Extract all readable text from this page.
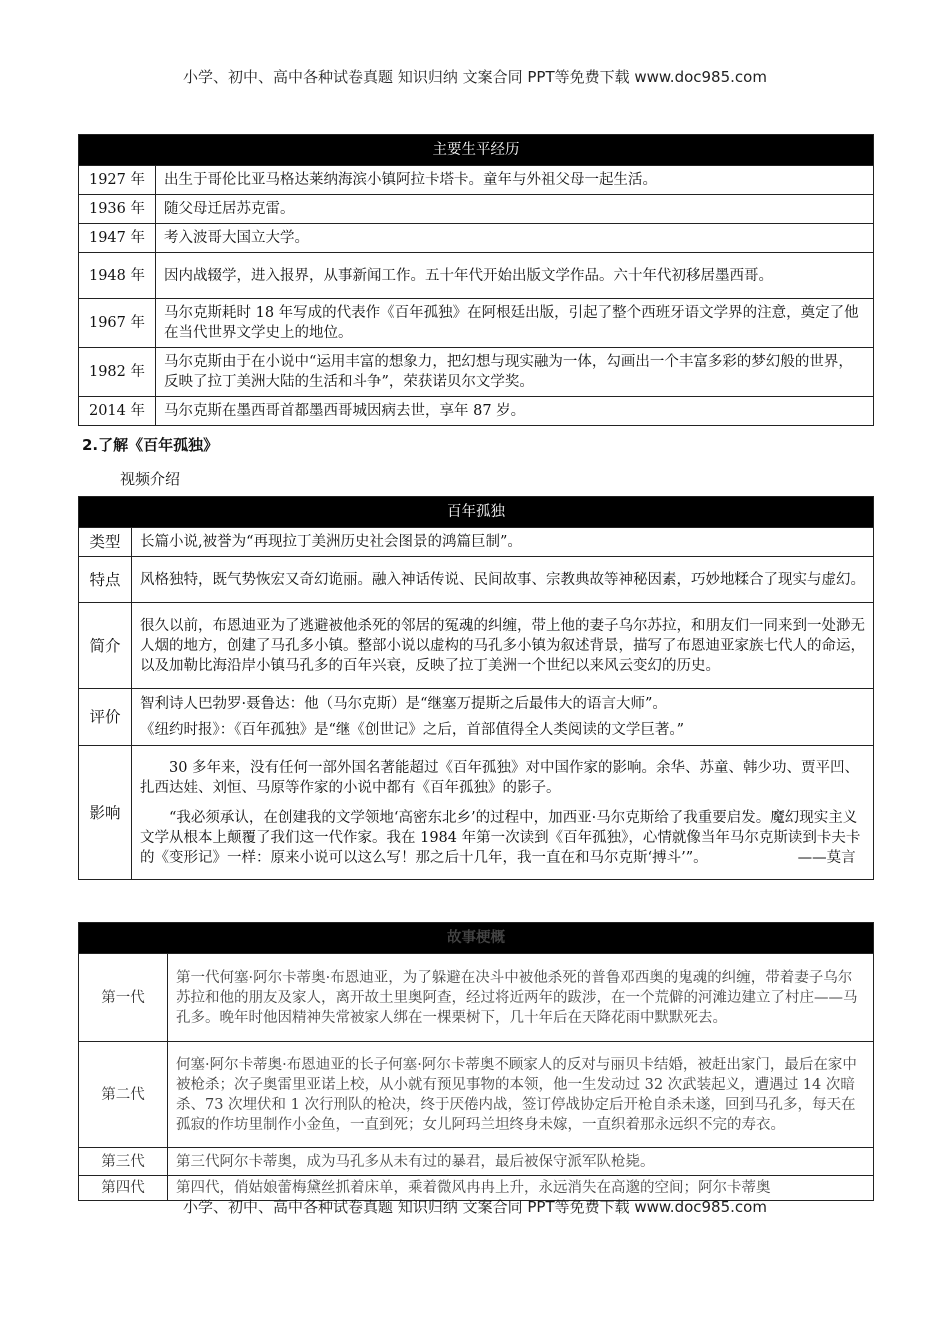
小学、初中、高中各种试卷真题 知识归纳 文案合同 PPT等免费下载 www.doc985.com
主要生平经历	
1927 年	出生于哥伦比亚马格达莱纳海滨小镇阿拉卡塔卡。童年与外祖父母一起生活。
1936 年	随父母迁居苏克雷。
1947 年	考入波哥大国立大学。
1948 年	因内战辍学，进入报界，从事新闻工作。五十年代开始出版文学作品。六十年代初移居墨西哥。
1967 年	马尔克斯耗时 18 年写成的代表作《百年孤独》在阿根廷出版，引起了整个西班牙语文学界的注意，奠定了他在当代世界文学史上的地位。
1982 年	马尔克斯由于在小说中“运用丰富的想象力，把幻想与现实融为一体，勾画出一个丰富多彩的梦幻般的世界，反映了拉丁美洲大陆的生活和斗争”，荣获诺贝尔文学奖。
2014 年	马尔克斯在墨西哥首都墨西哥城因病去世，享年 87 岁。
2.了解《百年孤独》
视频介绍
百年孤独	
类型	长篇小说,被誉为“再现拉丁美洲历史社会图景的鸿篇巨制”。
特点	风格独特，既气势恢宏又奇幻诡丽。融入神话传说、民间故事、宗教典故等神秘因素，巧妙地糅合了现实与虚幻。
简介	很久以前，布恩迪亚为了逃避被他杀死的邻居的冤魂的纠缠，带上他的妻子乌尔苏拉，和朋友们一同来到一处渺无人烟的地方，创建了马孔多小镇。整部小说以虚构的马孔多小镇为叙述背景，描写了布恩迪亚家族七代人的命运，以及加勒比海沿岸小镇马孔多的百年兴衰，反映了拉丁美洲一个世纪以来风云变幻的历史。
评价	智利诗人巴勃罗·聂鲁达：他（马尔克斯）是“继塞万提斯之后最伟大的语言大师”。

《纽约时报》：《百年孤独》是“继《创世记》之后，首部值得全人类阅读的文学巨著。”

影响	30 多年来，没有任何一部外国名著能超过《百年孤独》对中国作家的影响。余华、苏童、韩少功、贾平凹、扎西达娃、刘恒、马原等作家的小说中都有《百年孤独》的影子。

“我必须承认，在创建我的文学领地‘高密东北乡’的过程中，加西亚·马尔克斯给了我重要启发。魔幻现实主义文学从根本上颠覆了我们这一代作家。我在 1984 年第一次读到《百年孤独》，心情就像当年马尔克斯读到卡夫卡的《变形记》一样：原来小说可以这么写！那之后十几年，我一直在和马尔克斯‘搏斗’”。 ——莫言

故事梗概	
第一代	第一代何塞·阿尔卡蒂奥·布恩迪亚，为了躲避在决斗中被他杀死的普鲁邓西奥的鬼魂的纠缠，带着妻子乌尔苏拉和他的朋友及家人，离开故土里奥阿查，经过将近两年的跋涉，在一个荒僻的河滩边建立了村庄——马孔多。晚年时他因精神失常被家人绑在一棵栗树下，几十年后在天降花雨中默默死去。
第二代	何塞·阿尔卡蒂奥·布恩迪亚的长子何塞·阿尔卡蒂奥不顾家人的反对与丽贝卡结婚，被赶出家门，最后在家中被枪杀；次子奥雷里亚诺上校，从小就有预见事物的本领，他一生发动过 32 次武装起义，遭遇过 14 次暗杀、73 次埋伏和 1 次行刑队的枪决，终于厌倦内战，签订停战协定后开枪自杀未遂，回到马孔多，每天在孤寂的作坊里制作小金鱼，一直到死；女儿阿玛兰坦终身未嫁，一直织着那永远织不完的寿衣。
第三代	第三代阿尔卡蒂奥，成为马孔多从未有过的暴君，最后被保守派军队枪毙。
第四代	第四代，俏姑娘蕾梅黛丝抓着床单，乘着微风冉冉上升，永远消失在高邈的空间；阿尔卡蒂奥
小学、初中、高中各种试卷真题 知识归纳 文案合同 PPT等免费下载 www.doc985.com
